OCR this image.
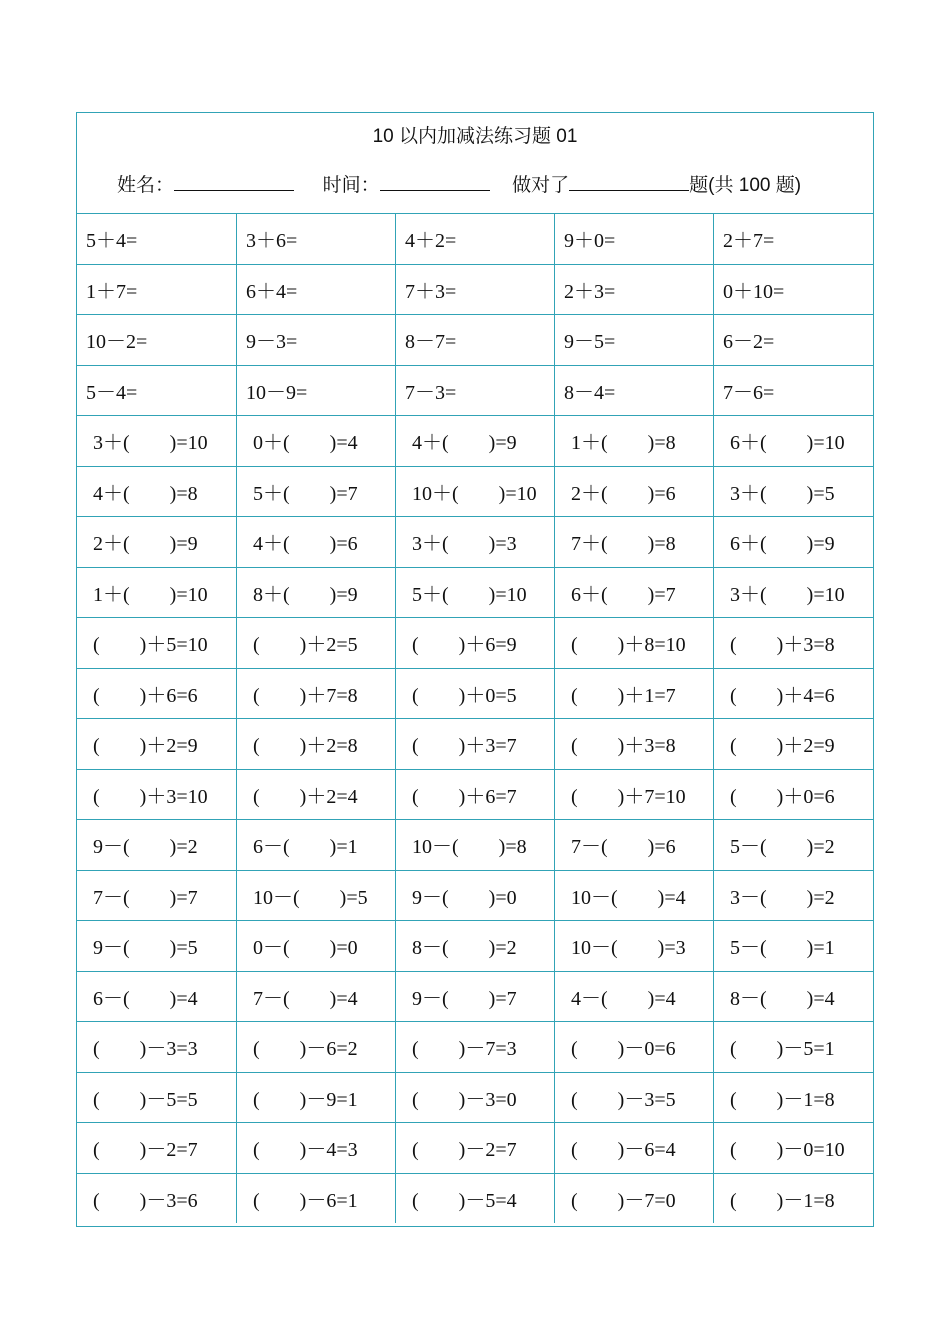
10 以内加减法练习题 01
姓名：	时间：	做对了	题(共 100 题)
5＋4=	3＋6=	4＋2=	9＋0=	2＋7=
1＋7=	6＋4=	7＋3=	2＋3=	0＋10=
10－2=	9－3=	8－7=	9－5=	6－2=
5－4=	10－9=	7－3=	8－4=	7－6=
3＋(　　)=10	0＋(　　)=4	4＋(　　)=9	1＋(　　)=8	6＋(　　)=10
4＋(　　)=8	5＋(　　)=7	10＋(　　)=10	2＋(　　)=6	3＋(　　)=5
2＋(　　)=9	4＋(　　)=6	3＋(　　)=3	7＋(　　)=8	6＋(　　)=9
1＋(　　)=10	8＋(　　)=9	5＋(　　)=10	6＋(　　)=7	3＋(　　)=10
(　　)＋5=10	(　　)＋2=5	(　　)＋6=9	(　　)＋8=10	(　　)＋3=8
(　　)＋6=6	(　　)＋7=8	(　　)＋0=5	(　　)＋1=7	(　　)＋4=6
(　　)＋2=9	(　　)＋2=8	(　　)＋3=7	(　　)＋3=8	(　　)＋2=9
(　　)＋3=10	(　　)＋2=4	(　　)＋6=7	(　　)＋7=10	(　　)＋0=6
9－(　　)=2	6－(　　)=1	10－(　　)=8	7－(　　)=6	5－(　　)=2
7－(　　)=7	10－(　　)=5	9－(　　)=0	10－(　　)=4	3－(　　)=2
9－(　　)=5	0－(　　)=0	8－(　　)=2	10－(　　)=3	5－(　　)=1
6－(　　)=4	7－(　　)=4	9－(　　)=7	4－(　　)=4	8－(　　)=4
(　　)－3=3	(　　)－6=2	(　　)－7=3	(　　)－0=6	(　　)－5=1
(　　)－5=5	(　　)－9=1	(　　)－3=0	(　　)－3=5	(　　)－1=8
(　　)－2=7	(　　)－4=3	(　　)－2=7	(　　)－6=4	(　　)－0=10
(　　)－3=6	(　　)－6=1	(　　)－5=4	(　　)－7=0	(　　)－1=8
